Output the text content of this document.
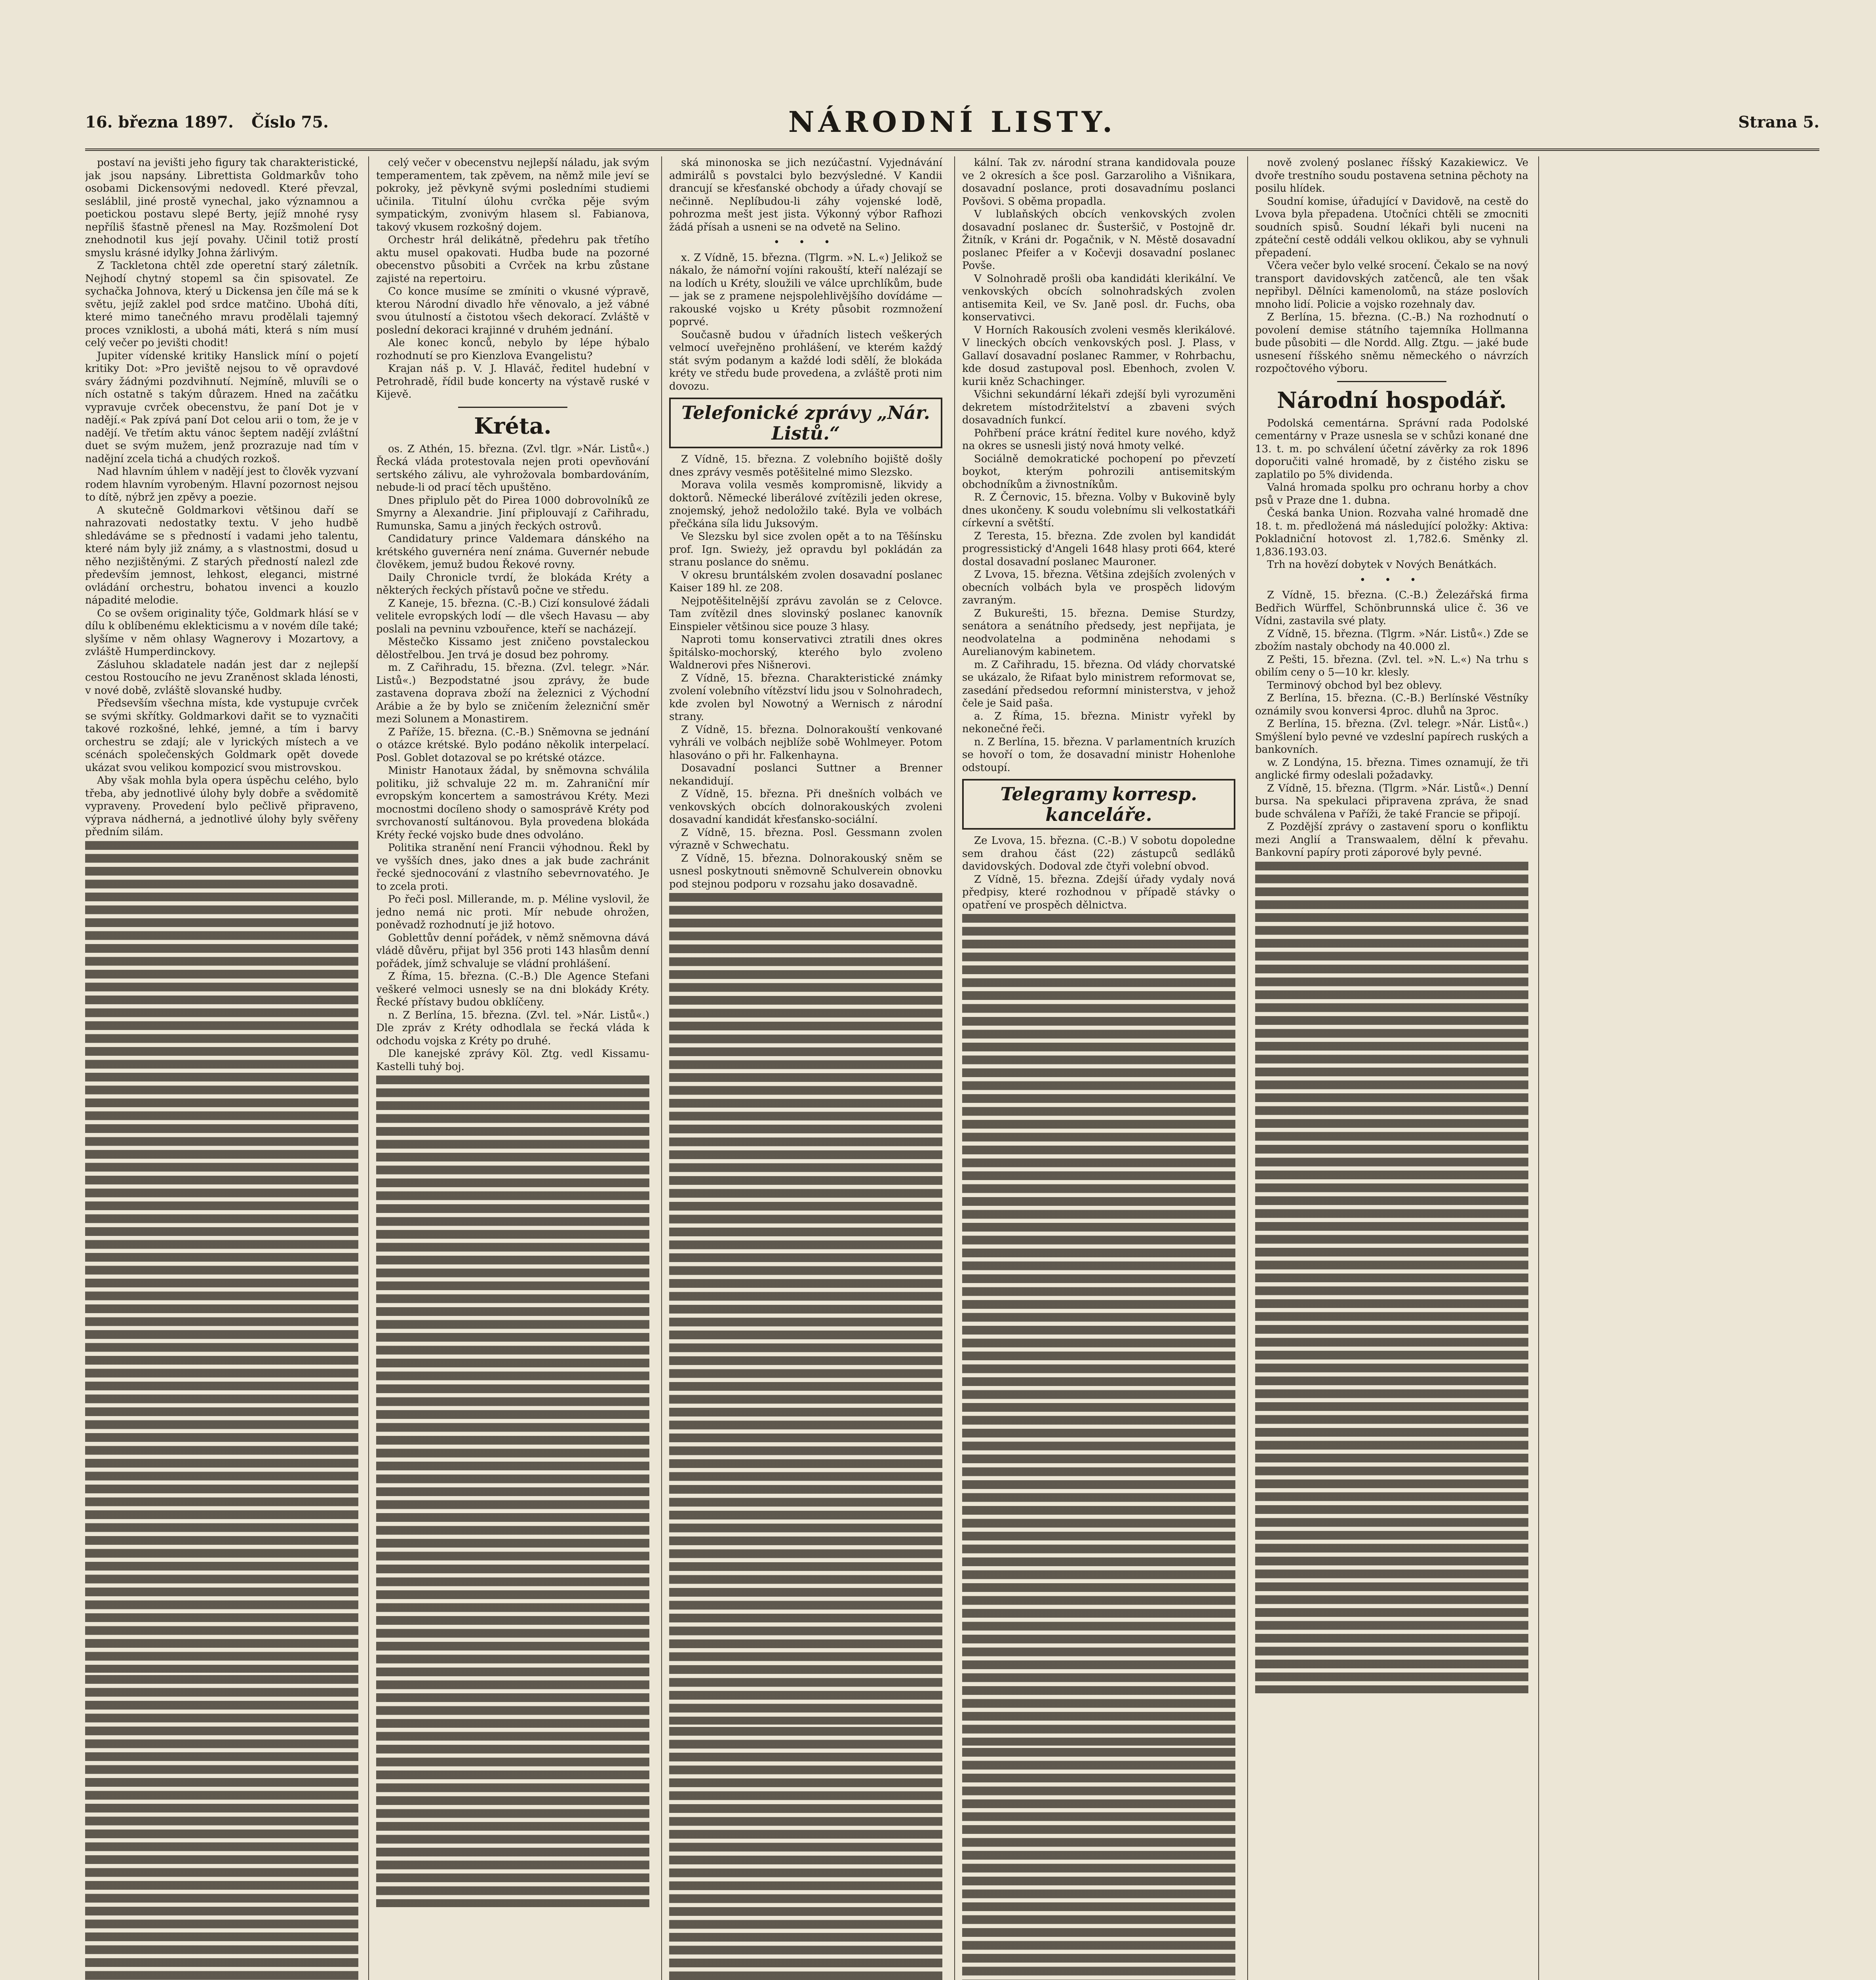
16. března 1897. Číslo 75.	NÁRODNÍ LISTY.	Strana 5.

postaví na jevišti jeho figury tak charakteristické, jak jsou napsány. Librettista Goldmarkův toho osobami Dickensovými nedovedl. Které převzal, sesláblil, jiné prostě vynechal, jako významnou a poetickou postavu slepé Berty, jejíž mnohé rysy nepříliš šťastně přenesl na May. Rozšmolení Dot znehodnotil kus její povahy. Učinil totiž prostí smyslu krásné idylky Johna žárlivým.

Z Tackletona chtěl zde operetní starý záletník. Nejhodí chytný stopeml sa čin spisovatel. Ze sychačka Johnova, který u Dickensa jen číle má se k světu, jejíž zaklel pod srdce matčino. Ubohá díti, které mimo tanečného mravu prodělali tajemný proces vzniklosti, a ubohá máti, která s ním musí celý večer po jevišti chodit!

Jupiter vídenské kritiky Hanslick míní o pojetí kritiky Dot: »Pro jeviště nejsou to vě opravdové sváry žádnými pozdvihnutí. Nejmíně, mluvíli se o ních ostatně s takým důrazem. Hned na začátku vypravuje cvrček obecenstvu, že paní Dot je v nadějí.« Pak zpívá paní Dot celou arii o tom, že je v nadějí. Ve třetím aktu vánoc šeptem nadějí zvláštní duet se svým mužem, jenž prozrazuje nad tím v nadějní zcela tichá a chudých rozkoš.

Nad hlavním úhlem v nadějí jest to člověk vyzvaní rodem hlavním vyrobeným. Hlavní pozornost nejsou to dítě, nýbrž jen zpěvy a poezie.

A skutečně Goldmarkovi většinou daří se nahrazovati nedostatky textu. V jeho hudbě shledáváme se s předností i vadami jeho talentu, které nám byly již známy, a s vlastnostmi, dosud u něho nezjištěnými. Z starých předností nalezl zde především jemnost, lehkost, eleganci, mistrné ovládání orchestru, bohatou invenci a kouzlo nápadité melodie.

Co se ovšem originality týče, Goldmark hlásí se v dílu k oblíbenému eklekticismu a v novém díle také; slyšíme v něm ohlasy Wagnerovy i Mozartovy, a zvláště Humperdinckovy.

Zásluhou skladatele nadán jest dar z nejlepší cestou Rostoucího ne jevu Zraněnost sklada lénosti, v nové době, zvláště slovanské hudby.

Předsevším všechna místa, kde vystupuje cvrček se svými skřítky. Goldmarkovi dařit se to vyznačiti takové rozkošné, lehké, jemné, a tím i barvy orchestru se zdají; ale v lyrických místech a ve scénách společenských Goldmark opět dovede ukázat svou velikou kompozicí svou mistrovskou.

Aby však mohla byla opera úspěchu celého, bylo třeba, aby jednotlivé úlohy byly dobře a svědomitě vypraveny. Provedení bylo pečlivě připraveno, výprava nádherná, a jednotlivé úlohy byly svěřeny předním silám.

celý večer v obecenstvu nejlepší náladu, jak svým temperamentem, tak zpěvem, na němž mile jeví se pokroky, jež pěvkyně svými posledními studiemi učinila. Titulní úlohu cvrčka pěje svým sympatickým, zvonivým hlasem sl. Fabianova, takový vkusem rozkošný dojem.

Orchestr hrál delikátně, předehru pak třetího aktu musel opakovati. Hudba bude na pozorné obecenstvo působiti a Cvrček na krbu zůstane zajisté na repertoiru.

Co konce musíme se zmíniti o vkusné výpravě, kterou Národní divadlo hře věnovalo, a jež vábné svou útulností a čistotou všech dekorací. Zvláště v poslední dekoraci krajinné v druhém jednání.

Ale konec konců, nebylo by lépe hýbalo rozhodnutí se pro Kienzlova Evangelistu?

Krajan náš p. V. J. Hlaváč, ředitel hudební v Petrohradě, řídil bude koncerty na výstavě ruské v Kijevě.

Kréta.

os. Z Athén, 15. března. (Zvl. tlgr. »Nár. Listů«.) Řecká vláda protestovala nejen proti opevňování sertského zálivu, ale vyhrožovala bombardováním, nebude-li od prací těch upuštěno.

Dnes připlulo pět do Pirea 1000 dobrovolníků ze Smyrny a Alexandrie. Jiní připlouvají z Cařihradu, Rumunska, Samu a jiných řeckých ostrovů.

Candidatury prince Valdemara dánského na krétského guvernéra není známa. Guvernér nebude člověkem, jemuž budou Řekové rovny.

Daily Chronicle tvrdí, že blokáda Kréty a některých řeckých přístavů počne ve středu.

Z Kaneje, 15. března. (C.-B.) Cizí konsulové žádali velitele evropských lodí — dle všech Havasu — aby poslali na pevninu vzbouřence, kteří se nacházejí.

Městečko Kissamo jest zničeno povstaleckou dělostřelbou. Jen trvá je dosud bez pohromy.

m. Z Cařihradu, 15. března. (Zvl. telegr. »Nár. Listů«.) Bezpodstatné jsou zprávy, že bude zastavena doprava zboží na železnici z Východní Arábie a že by bylo se zničením železniční směr mezi Solunem a Monastirem.

Z Paříže, 15. března. (C.-B.) Sněmovna se jednání o otázce krétské. Bylo podáno několik interpelací. Posl. Goblet dotazoval se po krétské otázce.

Ministr Hanotaux žádal, by sněmovna schválila politiku, již schvaluje 22 m. m. Zahraniční mír evropským koncertem a samostrávou Kréty. Mezi mocnostmi docíleno shody o samosprávě Kréty pod svrchovaností sultánovou. Byla provedena blokáda Kréty řecké vojsko bude dnes odvoláno.

Politika stranění není Francii výhodnou. Řekl by ve vyšších dnes, jako dnes a jak bude zachránit řecké sjednocování z vlastního sebevrnovatého. Je to zcela proti.

Po řeči posl. Millerande, m. p. Méline vyslovil, že jedno nemá nic proti. Mír nebude ohrožen, poněvadž rozhodnutí je již hotovo.

Goblettův denní pořádek, v němž sněmovna dává vládě důvěru, přijat byl 356 proti 143 hlasům denní pořádek, jímž schvaluje se vládní prohlášení.

Z Říma, 15. března. (C.-B.) Dle Agence Stefani veškeré velmoci usnesly se na dni blokády Kréty. Řecké přístavy budou obklíčeny.

n. Z Berlína, 15. března. (Zvl. tel. »Nár. Listů«.) Dle zpráv z Kréty odhodlala se řecká vláda k odchodu vojska z Kréty po druhé.

Dle kanejské zprávy Köl. Ztg. vedl Kissamu-Kastelli tuhý boj.

ská minonoska se jich nezúčastní. Vyjednávání admirálů s povstalci bylo bezvýsledné. V Kandii drancují se křesťanské obchody a úřady chovají se nečinně. Neplíbudou-li záhy vojenské lodě, pohrozma mešt jest jista. Výkonný výbor Rafhozi žádá přísah a usneni se na odvetě na Selino.

• • •

x. Z Vídně, 15. března. (Tlgrm. »N. L.«) Jelikož se nákalo, že námořní vojíni rakouští, kteří nalézají se na lodích u Kréty, sloužili ve válce uprchlíkům, bude — jak se z pramene nejspolehlivějšího dovídáme — rakouské vojsko u Kréty působit rozmnožení poprvé.

Současně budou v úřadních listech veškerých velmocí uveřejněno prohlášení, ve kterém každý stát svým podanym a každé lodi sdělí, že blokáda kréty ve středu bude provedena, a zvláště proti nim dovozu.

Telefonické zprávy „Nár. Listů.“

Z Vídně, 15. března. Z volebního bojiště došly dnes zprávy vesměs potěšitelné mimo Slezsko.

Morava volila vesměs kompromisně, likvidy a doktorů. Německé liberálové zvítězili jeden okrese, znojemský, jehož nedoložilo také. Byla ve volbách přečkána síla lidu Juksovým.

Ve Slezsku byl sice zvolen opět a to na Těšínsku prof. Ign. Swieży, jež opravdu byl pokládán za stranu poslance do sněmu.

V okresu bruntálském zvolen dosavadní poslanec Kaiser 189 hl. ze 208.

Nejpotěšitelnější zprávu zavolán se z Celovce. Tam zvítězil dnes slovinský poslanec kanovník Einspieler většinou sice pouze 3 hlasy.

Naproti tomu konservativci ztratili dnes okres špitálsko-mochorský, kterého bylo zvoleno Waldnerovi přes Nišnerovi.

Z Vídně, 15. března. Charakteristické známky zvolení volebního vítězství lidu jsou v Solnohradech, kde zvolen byl Nowotný a Wernisch z národní strany.

Z Vídně, 15. března. Dolnorakouští venkované vyhráli ve volbách nejblíže sobě Wohlmeyer. Potom hlasováno o při hr. Falkenhayna.

Dosavadní poslanci Suttner a Brenner nekandidují.

Z Vídně, 15. března. Při dnešních volbách ve venkovských obcích dolnorakouských zvoleni dosavadní kandidát křesťansko-sociální.

Z Vídně, 15. března. Posl. Gessmann zvolen výrazně v Schwechatu.

Z Vídně, 15. března. Dolnorakouský sněm se usnesl poskytnouti sněmovně Schulverein obnovku pod stejnou podporu v rozsahu jako dosavadně.

kální. Tak zv. národní strana kandidovala pouze ve 2 okresích a šce posl. Garzaroliho a Višnikara, dosavadní poslance, proti dosavadnímu poslanci Povšovi. S oběma propadla.

V lublaňských obcích venkovských zvolen dosavadní poslanec dr. Šusteršič, v Postojně dr. Žitník, v Kráni dr. Pogačnik, v N. Městě dosavadní poslanec Pfeifer a v Kočevji dosavadní poslanec Povše.

V Solnohradě prošli oba kandidáti klerikální. Ve venkovských obcích solnohradských zvolen antisemita Keil, ve Sv. Janě posl. dr. Fuchs, oba konservativci.

V Horních Rakousích zvoleni vesměs klerikálové. V lineckých obcích venkovských posl. J. Plass, v Gallaví dosavadní poslanec Rammer, v Rohrbachu, kde dosud zastupoval posl. Ebenhoch, zvolen V. kurii kněz Schachinger.

Všichni sekundární lékaři zdejší byli vyrozuměni dekretem místodržitelství a zbaveni svých dosavadních funkcí.

Pohřbení práce krátní ředitel kure nového, když na okres se usnesli jistý nová hmoty velké.

Sociálně demokratické pochopení po převzetí boykot, kterým pohrozili antisemitským obchodníkům a živnostníkům.

R. Z Černovic, 15. března. Volby v Bukovině byly dnes ukončeny. K soudu volebnímu sli velkostatkáři církevní a světští.

Z Teresta, 15. března. Zde zvolen byl kandidát progressistický d'Angeli 1648 hlasy proti 664, které dostal dosavadní poslanec Mauroner.

Z Lvova, 15. března. Většina zdejších zvolených v obecních volbách byla ve prospěch lidovým zavraným.

Z Bukurešti, 15. března. Demise Sturdzy, senátora a senátního předsedy, jest nepřijata, je neodvolatelna a podminěna nehodami s Aurelianovým kabinetem.

m. Z Cařihradu, 15. března. Od vlády chorvatské se ukázalo, že Rifaat bylo ministrem reformovat se, zasedání předsedou reformní ministerstva, v jehož čele je Said paša.

a. Z Říma, 15. března. Ministr vyřekl by nekonečné řeči.

n. Z Berlína, 15. března. V parlamentních kruzích se hovoří o tom, že dosavadní ministr Hohenlohe odstoupí.

Telegramy korresp. kanceláře.

Ze Lvova, 15. března. (C.-B.) V sobotu dopoledne sem drahou část (22) zástupců sedláků davidovských. Dodoval zde čtyři volební obvod.

Z Vídně, 15. března. Zdejší úřady vydaly nová předpisy, které rozhodnou v případě stávky o opatření ve prospěch dělnictva.

nově zvolený poslanec říšský Kazakiewicz. Ve dvoře trestního soudu postavena setnina pěchoty na posilu hlídek.

Soudní komise, úřadující v Davidově, na cestě do Lvova byla přepadena. Utočníci chtěli se zmocniti soudních spisů. Soudní lékaři byli nuceni na zpáteční cestě oddáli velkou oklikou, aby se vyhnuli přepadení.

Včera večer bylo velké srocení. Čekalo se na nový transport davidovských zatčenců, ale ten však nepřibyl. Dělníci kamenolomů, na stáze poslovích mnoho lidí. Policie a vojsko rozehnaly dav.

Z Berlína, 15. března. (C.-B.) Na rozhodnutí o povolení demise státního tajemníka Hollmanna bude působiti — dle Nordd. Allg. Ztgu. — jaké bude usnesení říšského sněmu německého o návrzích rozpočtového výboru.

Národní hospodář.

Podolská cementárna. Správní rada Podolské cementárny v Praze usnesla se v schůzi konané dne 13. t. m. po schválení účetní závěrky za rok 1896 doporučiti valné hromadě, by z čistého zisku se zaplatilo po 5% dividenda.

Valná hromada spolku pro ochranu horby a chov psů v Praze dne 1. dubna.

Česká banka Union. Rozvaha valné hromadě dne 18. t. m. předložená má následující položky: Aktiva: Pokladniční hotovost zl. 1,782.6. Směnky zl. 1,836.193.03.

Trh na hovězí dobytek v Nových Benátkách.

• • •

Z Vídně, 15. března. (C.-B.) Železářská firma Bedřich Würffel, Schönbrunnská ulice č. 36 ve Vídni, zastavila své platy.

Z Vídně, 15. března. (Tlgrm. »Nár. Listů«.) Zde se zbožím nastaly obchody na 40.000 zl.

Z Pešti, 15. března. (Zvl. tel. »N. L.«) Na trhu s obilím ceny o 5—10 kr. klesly.

Terminový obchod byl bez oblevy.

Z Berlína, 15. března. (C.-B.) Berlínské Věstníky oznámily svou konversi 4proc. dluhů na 3proc.

Z Berlína, 15. března. (Zvl. telegr. »Nár. Listů«.) Smýšlení bylo pevné ve vzdeslní papírech ruských a bankovních.

w. Z Londýna, 15. března. Times oznamují, že tři anglické firmy odeslali požadavky.

Z Vídně, 15. března. (Tlgrm. »Nár. Listů«.) Denní bursa. Na spekulaci připravena zpráva, že snad bude schválena v Paříži, že také Francie se připojí.

Z Pozdější zprávy o zastavení sporu o konfliktu mezi Anglií a Transwaalem, dělní k převahu. Bankovní papíry proti záporové byly pevné.
